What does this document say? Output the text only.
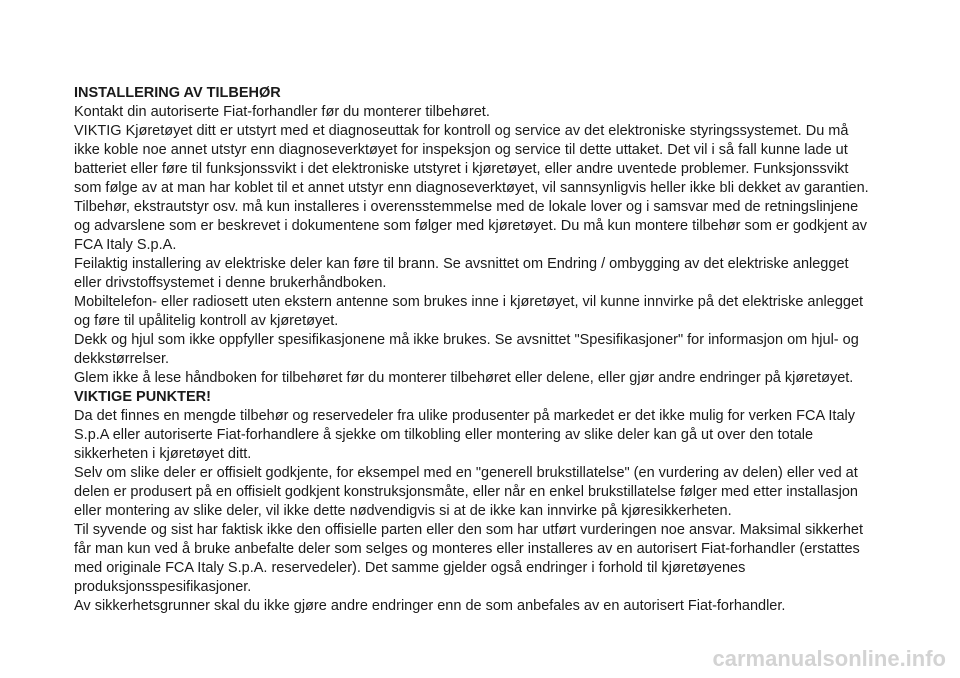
INSTALLERING AV TILBEHØR

Kontakt din autoriserte Fiat-forhandler før du monterer tilbehøret.

VIKTIG Kjøretøyet ditt er utstyrt med et diagnoseuttak for kontroll og service av det elektroniske styringssystemet. Du må ikke koble noe annet utstyr enn diagnoseverktøyet for inspeksjon og service til dette uttaket. Det vil i så fall kunne lade ut batteriet eller føre til funksjonssvikt i det elektroniske utstyret i kjøretøyet, eller andre uventede problemer. Funksjonssvikt som følge av at man har koblet til et annet utstyr enn diagnoseverktøyet, vil sannsynligvis heller ikke bli dekket av garantien.

Tilbehør, ekstrautstyr osv. må kun installeres i overensstemmelse med de lokale lover og i samsvar med de retningslinjene og advarslene som er beskrevet i dokumentene som følger med kjøretøyet. Du må kun montere tilbehør som er godkjent av FCA Italy S.p.A.

Feilaktig installering av elektriske deler kan føre til brann. Se avsnittet om Endring / ombygging av det elektriske anlegget eller drivstoffsystemet i denne brukerhåndboken.

Mobiltelefon- eller radiosett uten ekstern antenne som brukes inne i kjøretøyet, vil kunne innvirke på det elektriske anlegget og føre til upålitelig kontroll av kjøretøyet.

Dekk og hjul som ikke oppfyller spesifikasjonene må ikke brukes. Se avsnittet "Spesifikasjoner" for informasjon om hjul- og dekkstørrelser.

Glem ikke å lese håndboken for tilbehøret før du monterer tilbehøret eller delene, eller gjør andre endringer på kjøretøyet.

VIKTIGE PUNKTER!

Da det finnes en mengde tilbehør og reservedeler fra ulike produsenter på markedet er det ikke mulig for verken FCA Italy S.p.A eller autoriserte Fiat-forhandlere å sjekke om tilkobling eller montering av slike deler kan gå ut over den totale sikkerheten i kjøretøyet ditt.

Selv om slike deler er offisielt godkjente, for eksempel med en "generell brukstillatelse" (en vurdering av delen) eller ved at delen er produsert på en offisielt godkjent konstruksjonsmåte, eller når en enkel brukstillatelse følger med etter installasjon eller montering av slike deler, vil ikke dette nødvendigvis si at de ikke kan innvirke på kjøresikkerheten.

Til syvende og sist har faktisk ikke den offisielle parten eller den som har utført vurderingen noe ansvar. Maksimal sikkerhet får man kun ved å bruke anbefalte deler som selges og monteres eller installeres av en autorisert Fiat-forhandler (erstattes med originale FCA Italy S.p.A. reservedeler). Det samme gjelder også endringer i forhold til kjøretøyenes produksjonsspesifikasjoner.

Av sikkerhetsgrunner skal du ikke gjøre andre endringer enn de som anbefales av en autorisert Fiat-forhandler.

carmanualsonline.info
